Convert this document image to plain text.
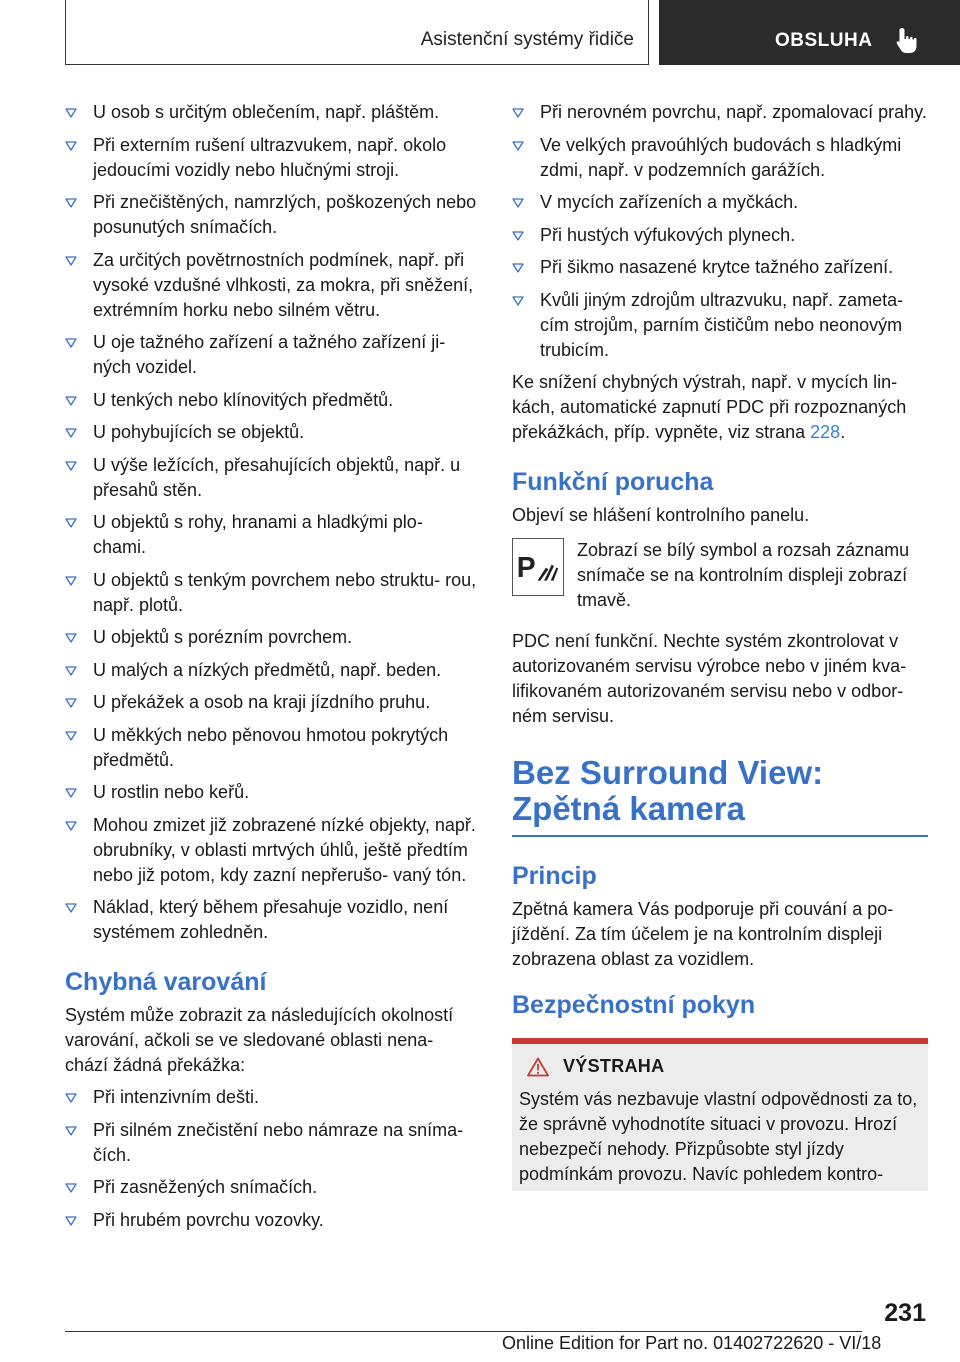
Asistenční systémy řidiče	OBSLUHA
U osob s určitým oblečením, např. pláštěm.
Při externím rušení ultrazvukem, např. okolo jedoucími vozidly nebo hlučnými stroji.
Při znečištěných, namrzlých, poškozených nebo posunutých snímačích.
Za určitých povětrnostních podmínek, např. při vysoké vzdušné vlhkosti, za mokra, při sněžení, extrémním horku nebo silném větru.
U oje tažného zařízení a tažného zařízení ji‐ ných vozidel.
U tenkých nebo klínovitých předmětů.
U pohybujících se objektů.
U výše ležících, přesahujících objektů, např. u přesahů stěn.
U objektů s rohy, hranami a hladkými plo‐ chami.
U objektů s tenkým povrchem nebo struktu‐ rou, např. plotů.
U objektů s porézním povrchem.
U malých a nízkých předmětů, např. beden.
U překážek a osob na kraji jízdního pruhu.
U měkkých nebo pěnovou hmotou pokrytých předmětů.
U rostlin nebo keřů.
Mohou zmizet již zobrazené nízké objekty, např. obrubníky, v oblasti mrtvých úhlů, ještě předtím nebo již potom, kdy zazní nepřerušo‐ vaný tón.
Náklad, který během přesahuje vozidlo, není systémem zohledněn.
Chybná varování

Systém může zobrazit za následujících okolností varování, ačkoli se ve sledované oblasti nena‐ chází žádná překážka:

Při intenzivním dešti.
Při silném znečistění nebo námraze na sníma‐ čích.
Při zasněžených snímačích.
Při hrubém povrchu vozovky.
Při nerovném povrchu, např. zpomalovací prahy.
Ve velkých pravoúhlých budovách s hladkými zdmi, např. v podzemních garážích.
V mycích zařízeních a myčkách.
Při hustých výfukových plynech.
Při šikmo nasazené krytce tažného zařízení.
Kvůli jiným zdrojům ultrazvuku, např. zameta‐ cím strojům, parním čističům nebo neonovým trubicím.

Ke snížení chybných výstrah, např. v mycích lin‐ kách, automatické zapnutí PDC při rozpoznaných překážkách, příp. vypněte, viz strana 228.

Funkční porucha

Objeví se hlášení kontrolního panelu.

P
Zobrazí se bílý symbol a rozsah záznamu snímače se na kontrolním displeji zobrazí tmavě.

PDC není funkční. Nechte systém zkontrolovat v autorizovaném servisu výrobce nebo v jiném kva‐ lifikovaném autorizovaném servisu nebo v odbor‐ ném servisu.

Bez Surround View: Zpětná kamera
Princip

Zpětná kamera Vás podporuje při couvání a po‐ jíždění. Za tím účelem je na kontrolním displeji zobrazena oblast za vozidlem.

Bezpečnostní pokyn
VÝSTRAHA

Systém vás nezbavuje vlastní odpovědnosti za to, že správně vyhodnotíte situaci v provozu. Hrozí nebezpečí nehody. Přizpůsobte styl jízdy podmínkám provozu. Navíc pohledem kontro‐

231
Online Edition for Part no. 01402722620 - VI/18
